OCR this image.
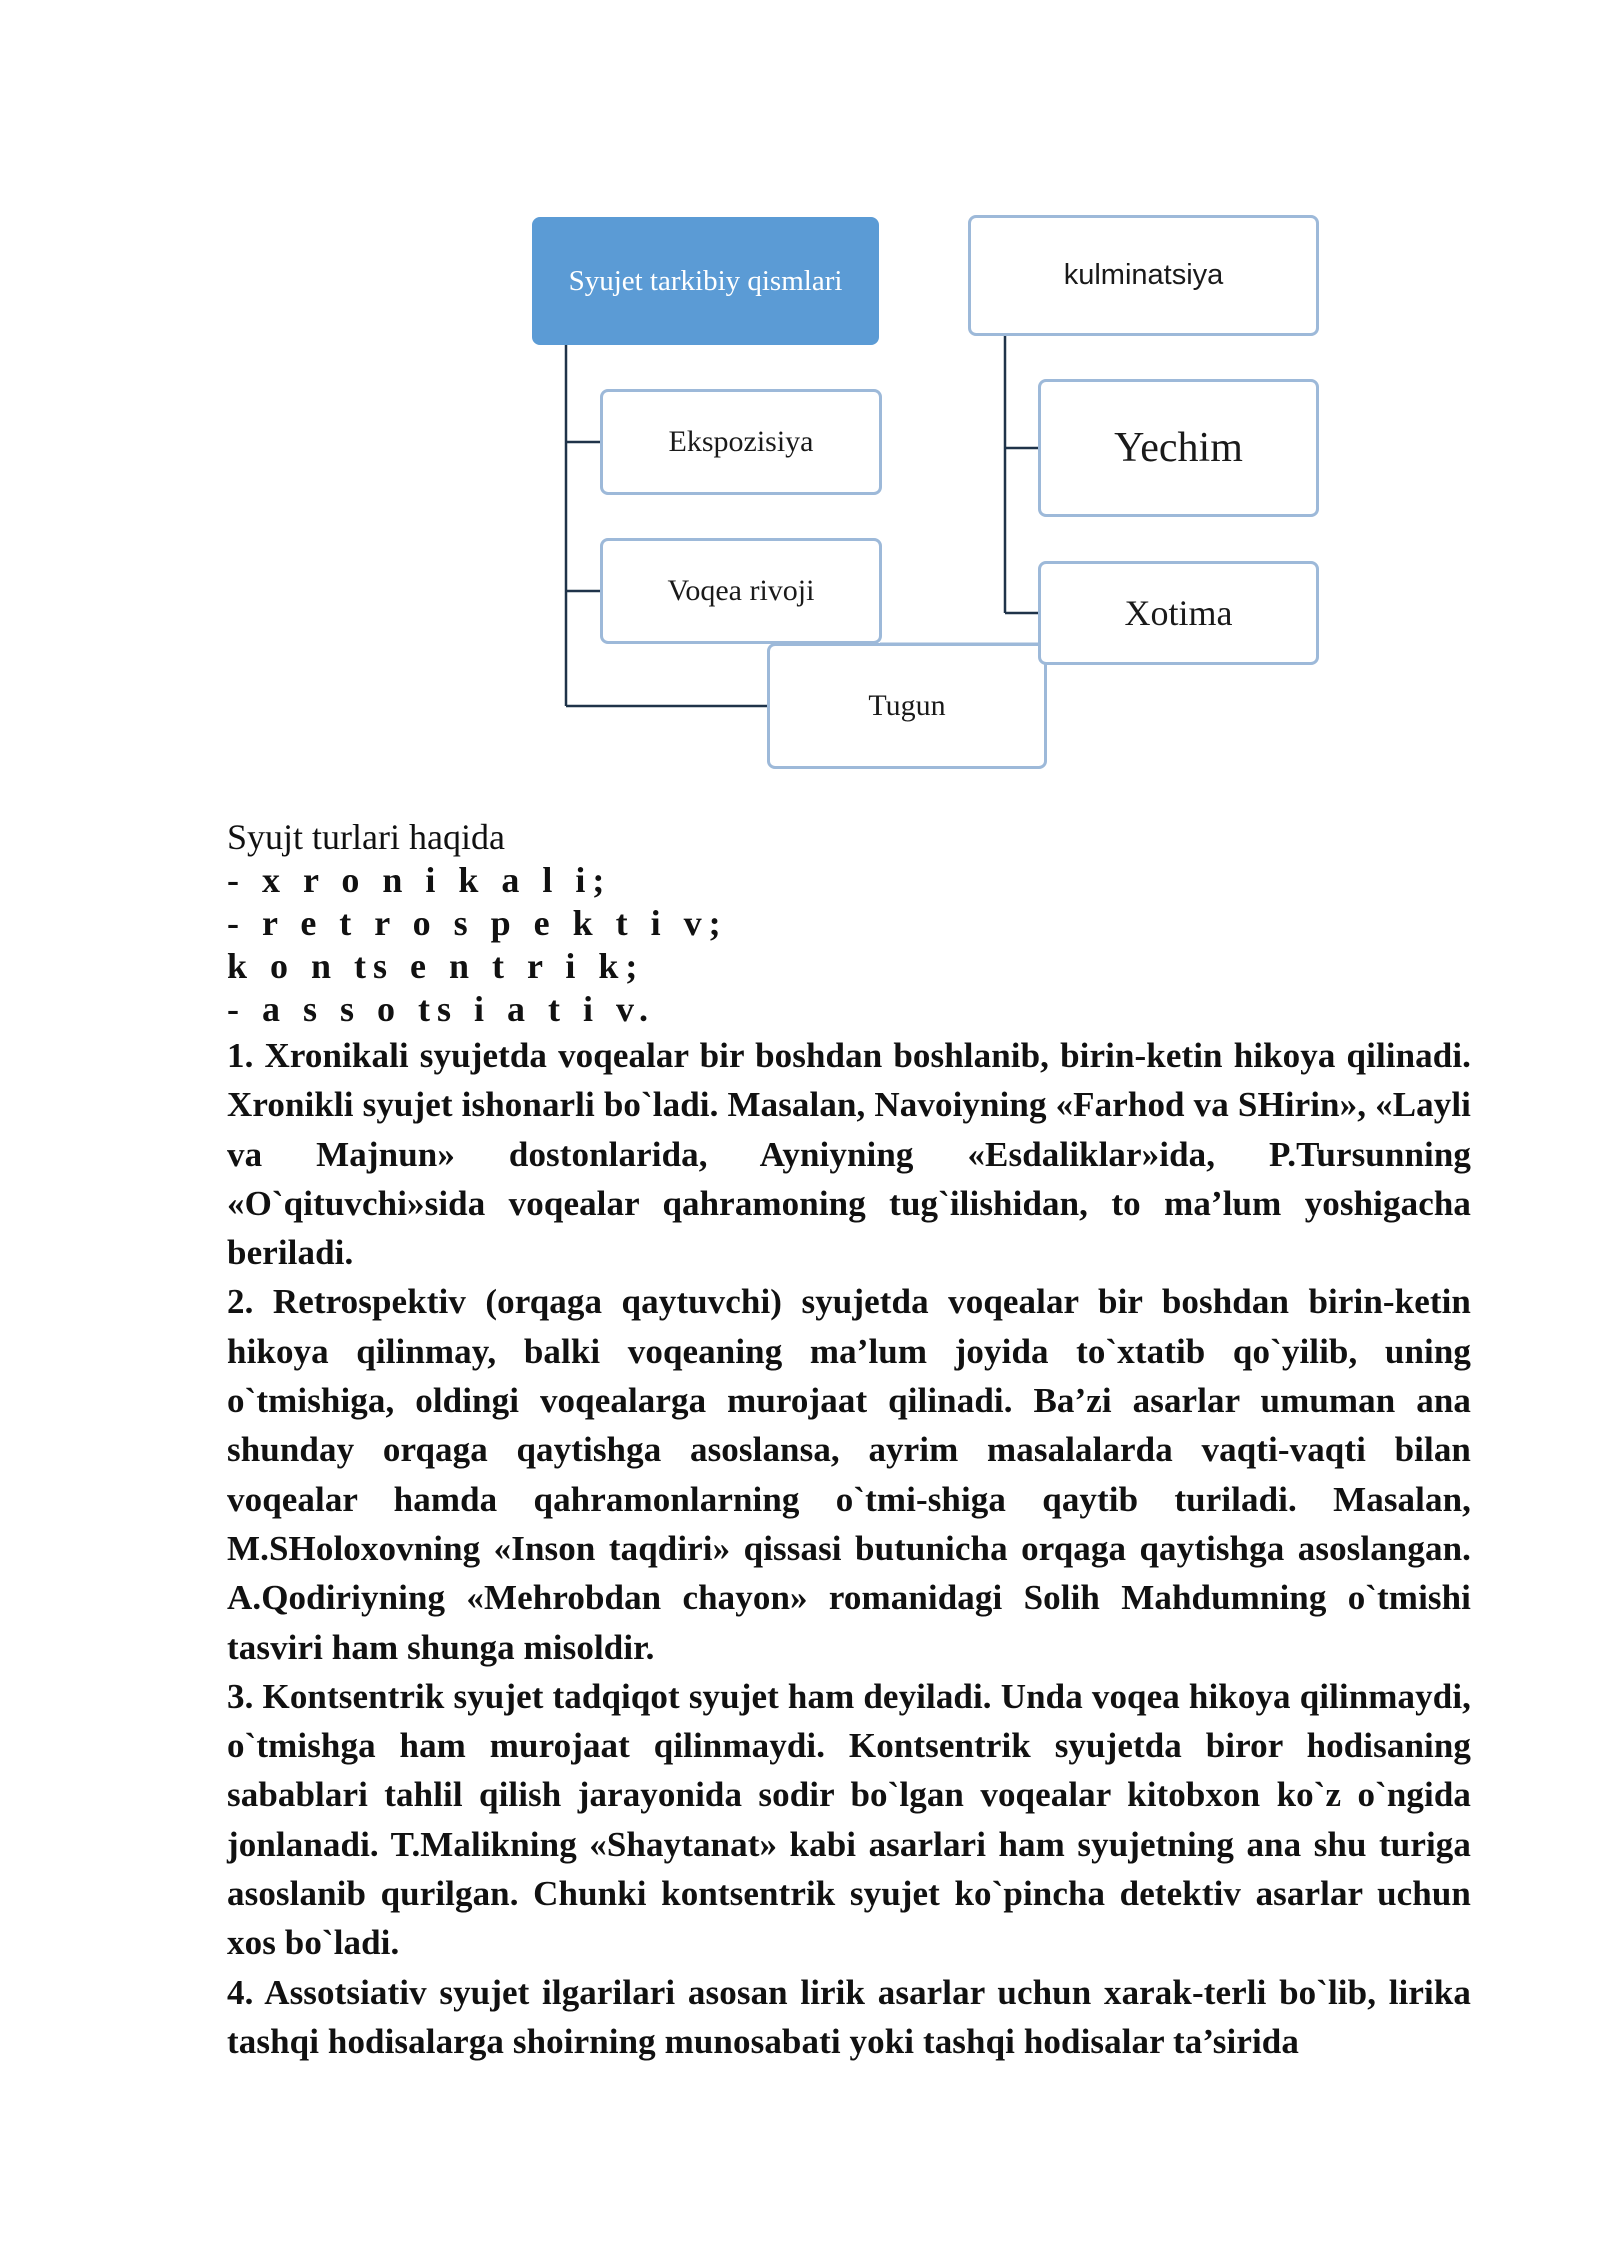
Syujet tarkibiy qismlari
Ekspozisiya
Voqea rivoji
Tugun
kulminatsiya
Yechim
Xotima

Syujt turlari haqida

- x r o n i k a l i;

- r e t r o s p e k t i v;

k o n ts e n t r i k;

- a s s o ts i a t i v.

1. Xronikali syujetda voqealar bir boshdan boshlanib, birin-ketin hikoya qilinadi. Xronikli syujet ishonarli bo`ladi. Masalan, Navoiyning «Farhod va SHirin», «Layli va Majnun» dostonlarida, Ayniyning «Esdaliklar»ida, P.Tursunning «O`qituvchi»sida voqealar qahramoning tug`ilishidan, to ma’lum yoshigacha beriladi.

2. Retrospektiv (orqaga qaytuvchi) syujetda voqealar bir boshdan birin-ketin hikoya qilinmay, balki voqeaning ma’lum joyida to`xtatib qo`yilib, uning o`tmishiga, oldingi voqealarga murojaat qilinadi. Ba’zi asarlar umuman ana shunday orqaga qaytishga asoslansa, ayrim masalalarda vaqti-vaqti bilan voqealar hamda qahramonlarning o`tmi-shiga qaytib turiladi. Masalan, M.SHoloxovning «Inson taqdiri» qissasi butunicha orqaga qaytishga asoslangan. A.Qodiriyning «Mehrobdan chayon» romanidagi Solih Mahdumning o`tmishi tasviri ham shunga misoldir.

3. Kontsentrik syujet tadqiqot syujet ham deyiladi. Unda voqea hikoya qilinmaydi, o`tmishga ham murojaat qilinmaydi. Kontsentrik syujetda biror hodisaning sabablari tahlil qilish jarayonida sodir bo`lgan voqealar kitobxon ko`z o`ngida jonlanadi. T.Malikning «Shaytanat» kabi asarlari ham syujetning ana shu turiga asoslanib qurilgan. Chunki kontsentrik syujet ko`pincha detektiv asarlar uchun xos bo`ladi.

4. Assotsiativ syujet ilgarilari asosan lirik asarlar uchun xarak-terli bo`lib, lirika tashqi hodisalarga shoirning munosabati yoki tashqi hodisalar ta’sirida
